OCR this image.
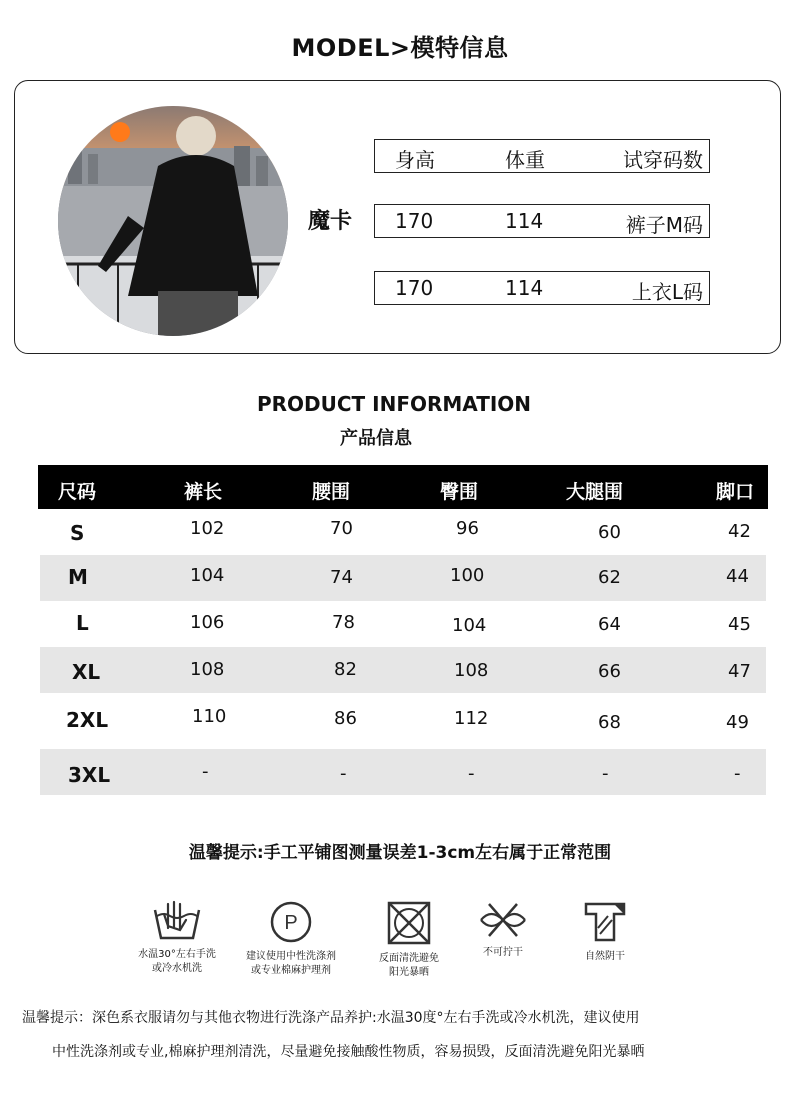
MODEL>模特信息
魔卡
身高	体重	试穿码数
170	114	裤子M码
170	114	上衣L码
PRODUCT INFORMATION
产品信息
尺码	裤长	腰围	臀围	大腿围	脚口
S	102	70	96	60	42
M	104	74	100	62	44
L	106	78	104	64	45
XL	108	82	108	66	47
2XL	110	86	112	68	49
3XL	-	-	-	-	-
温馨提示:手工平铺图测量误差1-3cm左右属于正常范围
水温30°左右手洗
或冷水机洗
P
建议使用中性洗涤剂
或专业棉麻护理剂
反面清洗避免
阳光暴晒
不可拧干	自然阴干
温馨提示：深色系衣服请勿与其他衣物进行洗涤产品养护:水温30度°左右手洗或冷水机洗，建议使用
中性洗涤剂或专业,棉麻护理剂清洗，尽量避免接触酸性物质，容易损毁，反面清洗避免阳光暴晒
